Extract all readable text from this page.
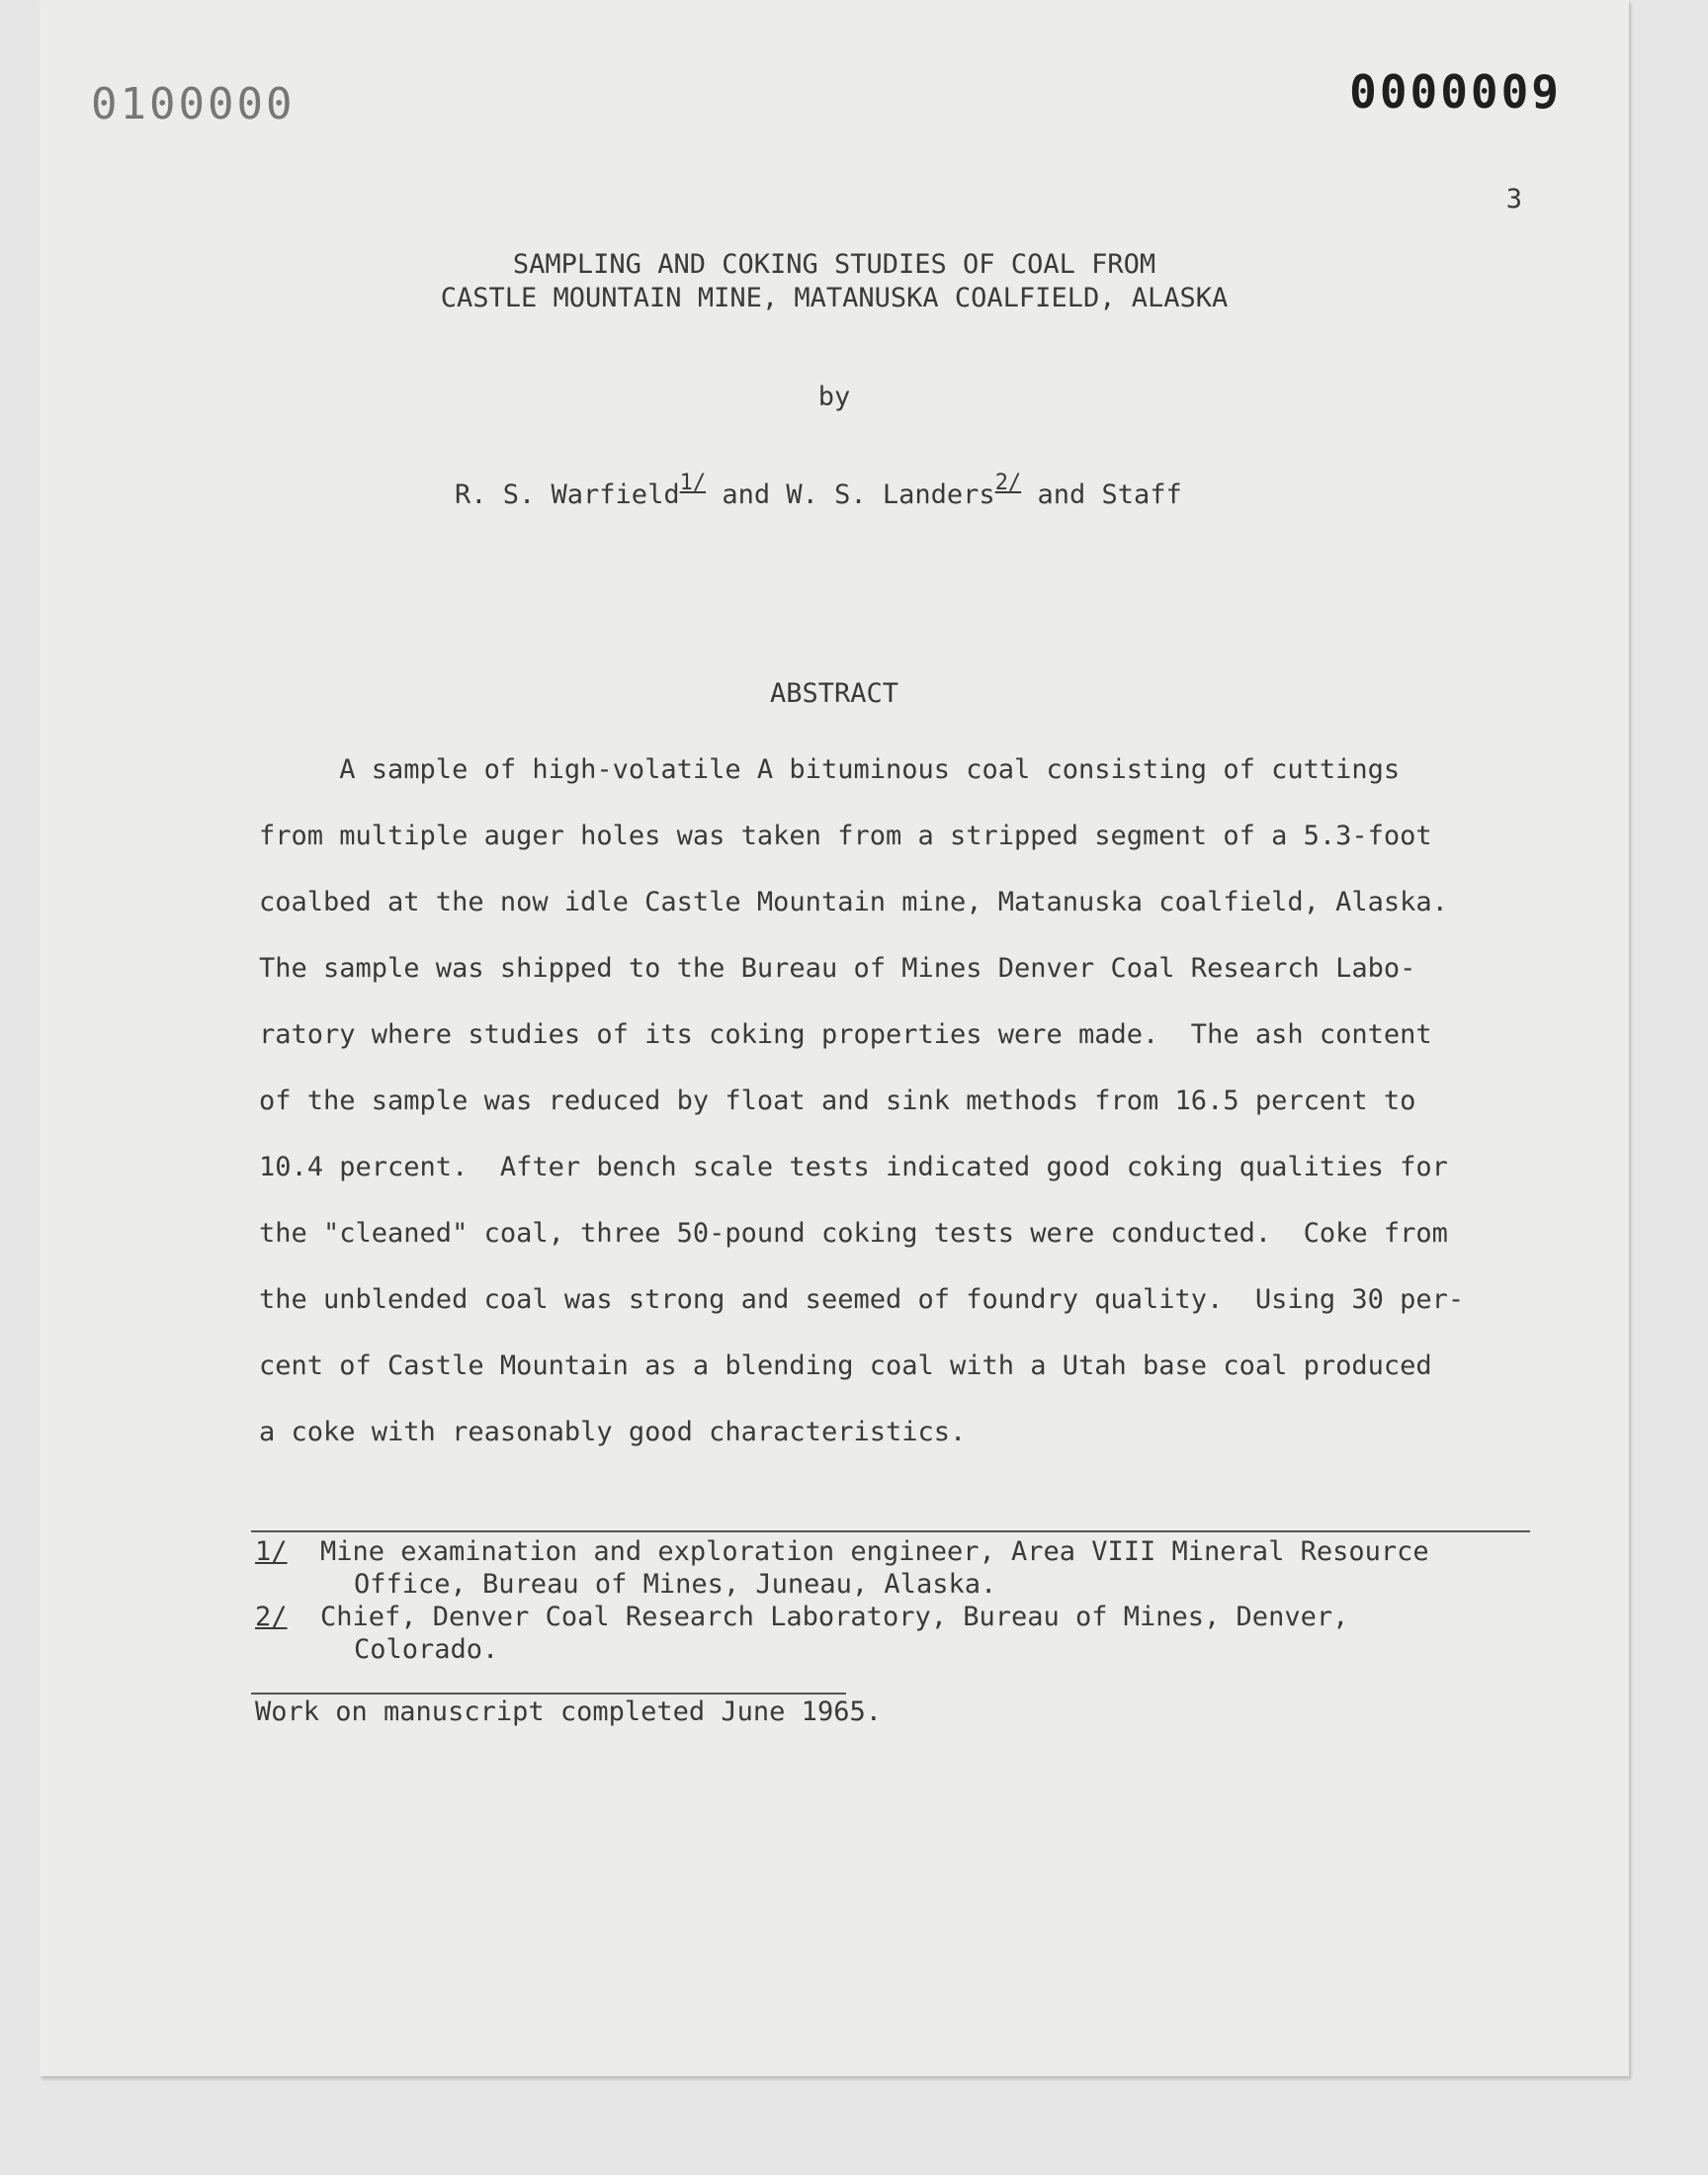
0100000	0000009
3
SAMPLING AND COKING STUDIES OF COAL FROM
CASTLE MOUNTAIN MINE, MATANUSKA COALFIELD, ALASKA
by
R. S. Warfield$^{1/}$ and W. S. Landers$^{2/}$ and Staff
ABSTRACT
A sample of high-volatile A bituminous coal consisting of cuttings
from multiple auger holes was taken from a stripped segment of a 5.3-foot
coalbed at the now idle Castle Mountain mine, Matanuska coalfield, Alaska.
The sample was shipped to the Bureau of Mines Denver Coal Research Labo-
ratory where studies of its coking properties were made.  The ash content
of the sample was reduced by float and sink methods from 16.5 percent to
10.4 percent.  After bench scale tests indicated good coking qualities for
the "cleaned" coal, three 50-pound coking tests were conducted.  Coke from
the unblended coal was strong and seemed of foundry quality.  Using 30 per-
cent of Castle Mountain as a blending coal with a Utah base coal produced
a coke with reasonably good characteristics.
1/ Mine examination and exploration engineer, Area VIII Mineral Resource
Office, Bureau of Mines, Juneau, Alaska.
2/ Chief, Denver Coal Research Laboratory, Bureau of Mines, Denver,
Colorado.
Work on manuscript completed June 1965.
